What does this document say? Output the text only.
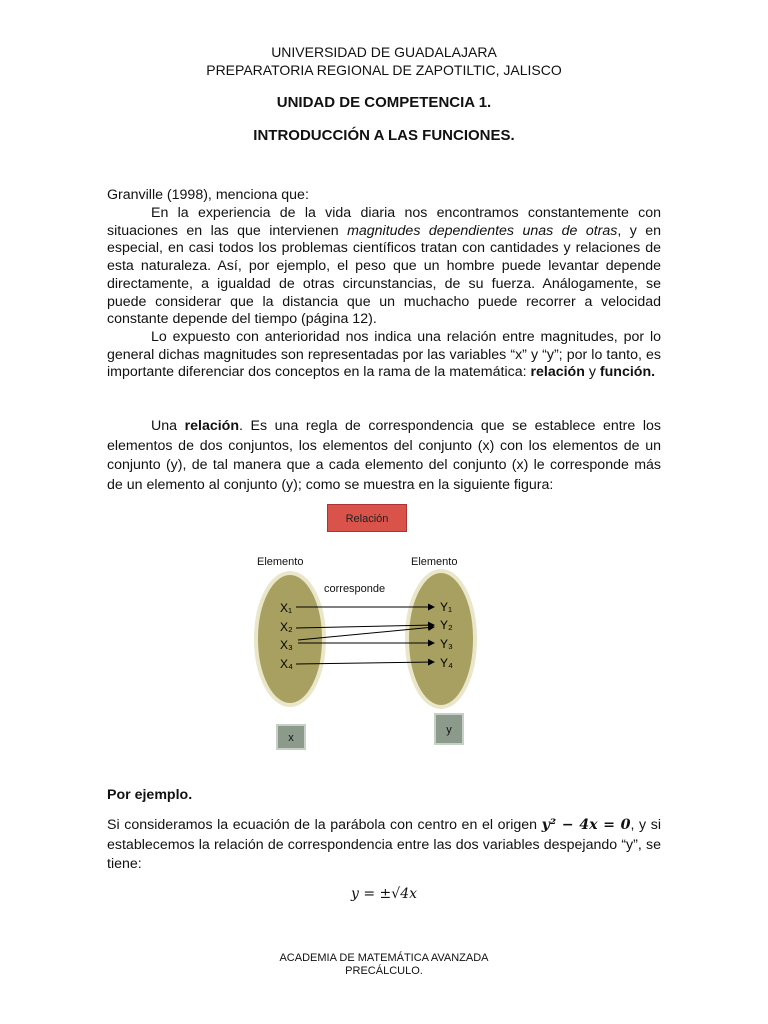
UNIVERSIDAD DE GUADALAJARA
PREPARATORIA REGIONAL DE ZAPOTILTIC, JALISCO
UNIDAD DE COMPETENCIA 1.
INTRODUCCIÓN A LAS FUNCIONES.

Granville (1998), menciona que:

En la experiencia de la vida diaria nos encontramos constantemente con situaciones en las que intervienen magnitudes dependientes unas de otras, y en especial, en casi todos los problemas científicos tratan con cantidades y relaciones de esta naturaleza. Así, por ejemplo, el peso que un hombre puede levantar depende directamente, a igualdad de otras circunstancias, de su fuerza. Análogamente, se puede considerar que la distancia que un muchacho puede recorrer a velocidad constante depende del tiempo (página 12).

Lo expuesto con anterioridad nos indica una relación entre magnitudes, por lo general dichas magnitudes son representadas por las variables “x” y “y”; por lo tanto, es importante diferenciar dos conceptos en la rama de la matemática: relación y función.

Una relación. Es una regla de correspondencia que se establece entre los elementos de dos conjuntos, los elementos del conjunto (x) con los elementos de un conjunto (y), de tal manera que a cada elemento del conjunto (x) le corresponde más de un elemento al conjunto (y); como se muestra en la siguiente figura:

Relación
Elemento	Elemento
corresponde
X₁
X₂
X₃
X₄
Y₁
Y₂
Y₃
Y₄
x
y
Por ejemplo.

Si consideramos la ecuación de la parábola con centro en el origen y² − 4x = 0, y si establecemos la relación de correspondencia entre las dos variables despejando “y”, se tiene:

y = ±√4x
ACADEMIA DE MATEMÁTICA AVANZADA
PRECÁLCULO.
